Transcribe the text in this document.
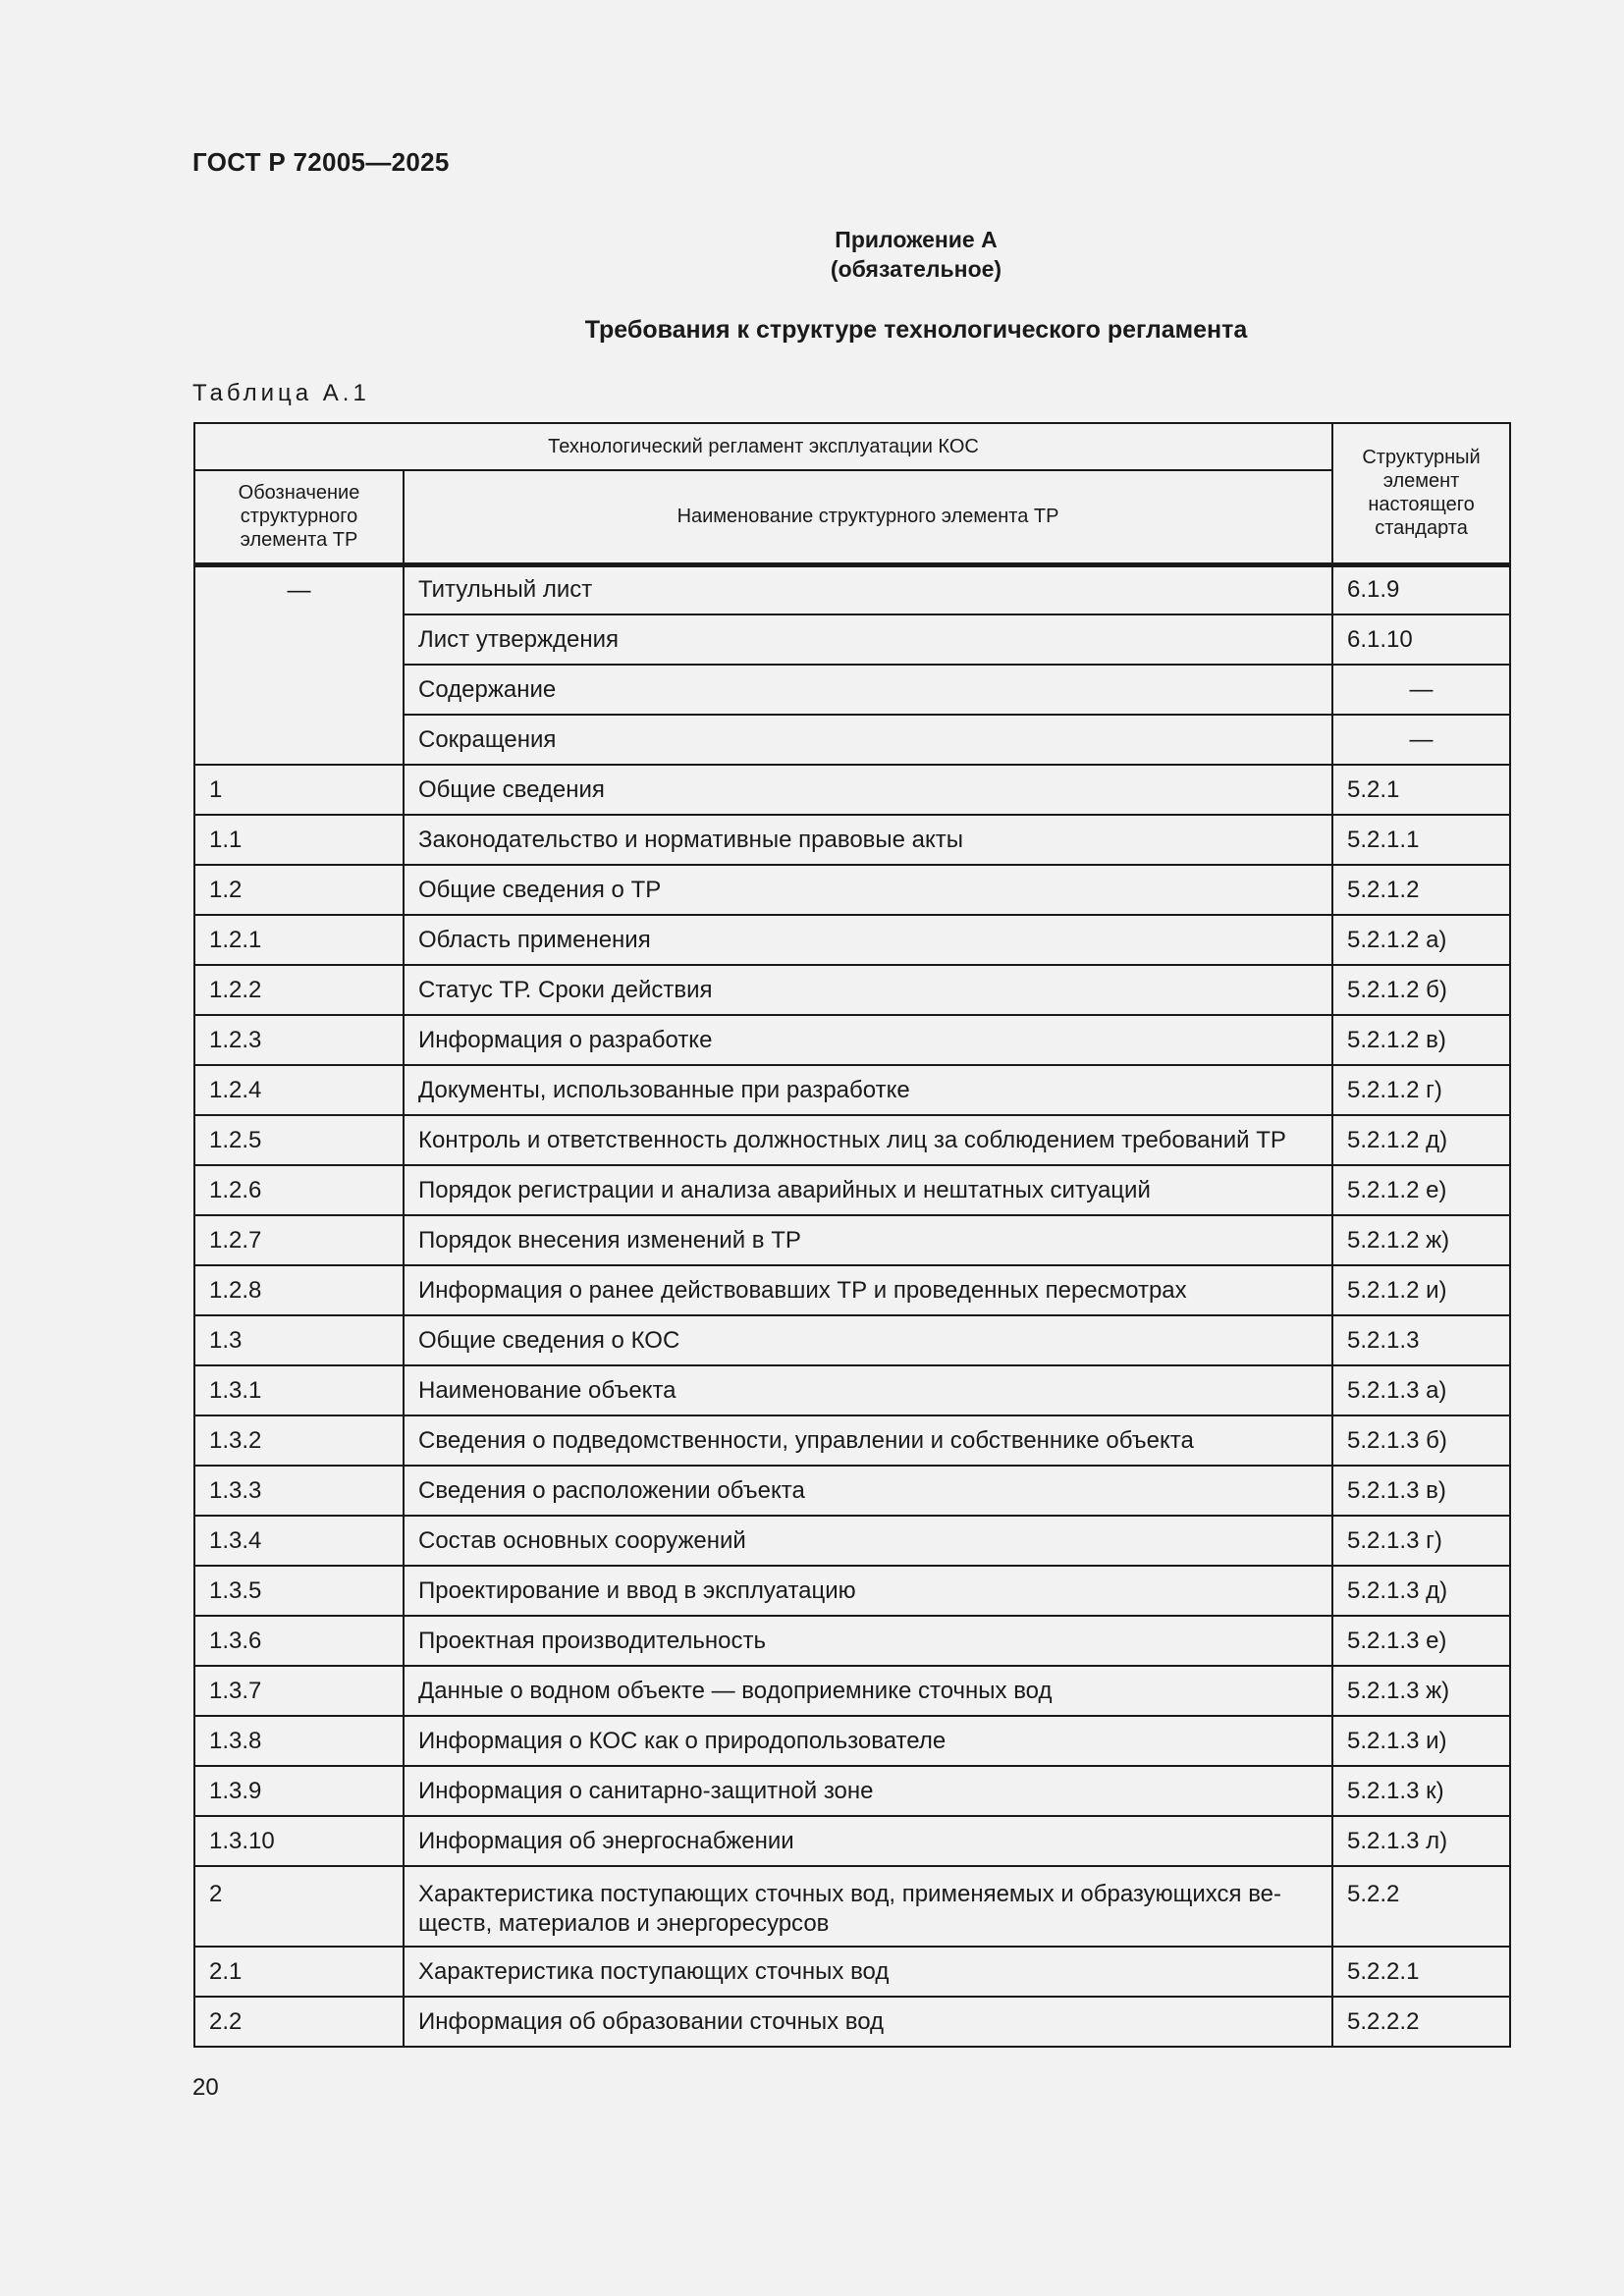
ГОСТ Р 72005—2025
Приложение А
(обязательное)
Требования к структуре технологического регламента
Таблица А.1
Технологический регламент эксплуатации КОС		Структурный элемент настоящего стандарта
Обозначение структурного элемента ТР	Наименование структурного элемента ТР	
—	Титульный лист	6.1.9
	Лист утверждения	6.1.10
	Содержание	—
	Сокращения	—
1	Общие сведения	5.2.1
1.1	Законодательство и нормативные правовые акты	5.2.1.1
1.2	Общие сведения о ТР	5.2.1.2
1.2.1	Область применения	5.2.1.2 а)
1.2.2	Статус ТР. Сроки действия	5.2.1.2 б)
1.2.3	Информация о разработке	5.2.1.2 в)
1.2.4	Документы, использованные при разработке	5.2.1.2 г)
1.2.5	Контроль и ответственность должностных лиц за соблюдением требований ТР	5.2.1.2 д)
1.2.6	Порядок регистрации и анализа аварийных и нештатных ситуаций	5.2.1.2 е)
1.2.7	Порядок внесения изменений в ТР	5.2.1.2 ж)
1.2.8	Информация о ранее действовавших ТР и проведенных пересмотрах	5.2.1.2 и)
1.3	Общие сведения о КОС	5.2.1.3
1.3.1	Наименование объекта	5.2.1.3 а)
1.3.2	Сведения о подведомственности, управлении и собственнике объекта	5.2.1.3 б)
1.3.3	Сведения о расположении объекта	5.2.1.3 в)
1.3.4	Состав основных сооружений	5.2.1.3 г)
1.3.5	Проектирование и ввод в эксплуатацию	5.2.1.3 д)
1.3.6	Проектная производительность	5.2.1.3 е)
1.3.7	Данные о водном объекте — водоприемнике сточных вод	5.2.1.3 ж)
1.3.8	Информация о КОС как о природопользователе	5.2.1.3 и)
1.3.9	Информация о санитарно-защитной зоне	5.2.1.3 к)
1.3.10	Информация об энергоснабжении	5.2.1.3 л)
2	Характеристика поступающих сточных вод, применяемых и образующихся ве-ществ, материалов и энергоресурсов	5.2.2
2.1	Характеристика поступающих сточных вод	5.2.2.1
2.2	Информация об образовании сточных вод	5.2.2.2
20
